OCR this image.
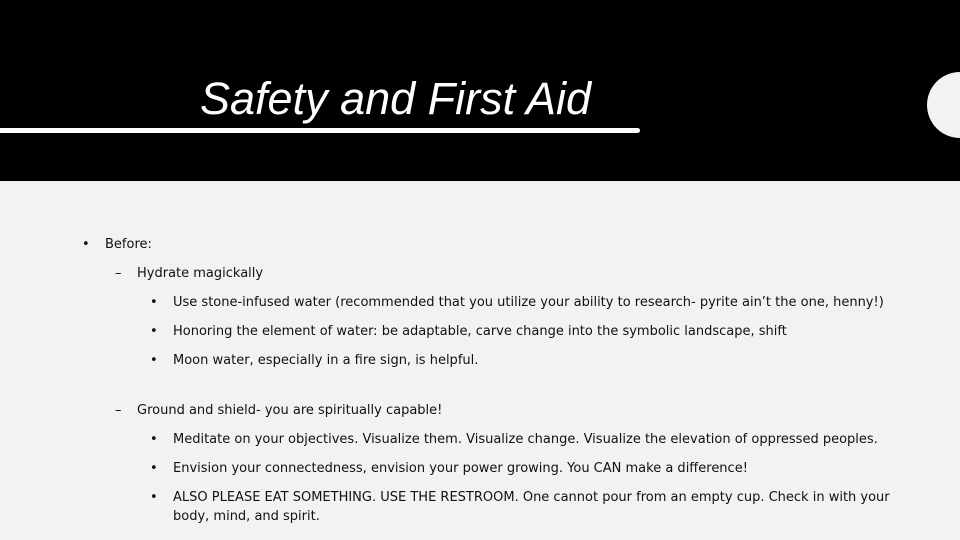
Safety and First Aid
• Before:
– Hydrate magickally
• Use stone-infused water (recommended that you utilize your ability to research- pyrite ain’t the one, henny!)
• Honoring the element of water: be adaptable, carve change into the symbolic landscape, shift
• Moon water, especially in a fire sign, is helpful.
– Ground and shield- you are spiritually capable!
• Meditate on your objectives. Visualize them. Visualize change. Visualize the elevation of oppressed peoples.
• Envision your connectedness, envision your power growing. You CAN make a difference!
• ALSO PLEASE EAT SOMETHING. USE THE RESTROOM. One cannot pour from an empty cup. Check in with your body, mind, and spirit.
